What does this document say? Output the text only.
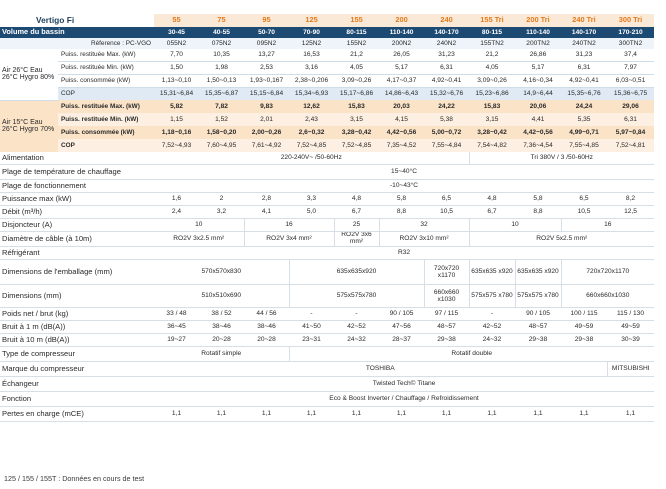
Vertigo Fi		55	75	95	125	155	200	240	155 Tri	200 Tri	240 Tri	300 Tri
Volume du bassin		30-45	40-55	50-70	70-90	80-115	110-140	140-170	80-115	110-140	140-170	170-210
Réference : PC-VGO		055N2	075N2	095N2	125N2	155N2	200N2	240N2	155TN2	200TN2	240TN2	300TN2
Air 26°C Eau 26°C Hygro 80%	Puiss. restituée Max. (kW)	7,70	10,35	13,27	16,53	21,2	26,05	31,23	21,2	26,86	31,23	37,4
	Puiss. restituée Min. (kW)	1,50	1,98	2,53	3,16	4,05	5,17	6,31	4,05	5,17	6,31	7,97
	Puiss. consommée (kW)	1,13~0,10	1,50~0,13	1,93~0,167	2,38~0,206	3,09~0,26	4,17~0,37	4,92~0,41	3,09~0,26	4,16~0,34	4,92~0,41	6,03~0,51
	COP	15,31~6,84	15,35~6,87	15,15~6,84	15,34~6,93	15,17~6,86	14,86~6,43	15,32~6,76	15,23~6,86	14,9~6,44	15,35~6,76	15,36~6,75
Air 15°C Eau 26°C Hygro 70%	Puiss. restituée Max. (kW)	5,82	7,82	9,83	12,62	15,83	20,03	24,22	15,83	20,06	24,24	29,06
	Puiss. restituée Min. (kW)	1,15	1,52	2,01	2,43	3,15	4,15	5,38	3,15	4,41	5,35	6,31
	Puiss. consommée (kW)	1,18~0,16	1,58~0,20	2,00~0,26	2,6~0,32	3,28~0,42	4,42~0,56	5,00~0,72	3,28~0,42	4,42~0,56	4,99~0,71	5,97~0,84
	COP	7,52~4,93	7,60~4,95	7,61~4,92	7,52~4,85	7,52~4,85	7,35~4,52	7,55~4,84	7,54~4,82	7,36~4,54	7,55~4,85	7,52~4,81
Alimentation		220-240V~ /50-60Hz							Tri 380V / 3 /50-60Hz			
Plage de température de chauffage		15~40°C										
Plage de fonctionnement		-10~43°C										
Puissance max (kW)		1,6	2	2,8	3,3	4,8	5,8	6,5	4,8	5,8	6,5	8,2
Débit (m³/h)		2,4	3,2	4,1	5,0	6,7	8,8	10,5	6,7	8,8	10,5	12,5
Disjoncteur (A)		10		16		25	32		10		16	
Diamètre de câble (à 10m)		RO2V 3x2.5 mm²		RO2V 3x4 mm²		RO2V 3x6 mm²	RO2V 3x10 mm²		RO2V 5x2.5 mm²			
Réfrigérant		R32										
Dimensions de l'emballage (mm)		570x570x830			635x635x920			720x720 x1170	635x635 x920	635x635 x920	720x720x1170	
Dimensions (mm)		510x510x690			575x575x780			660x660 x1030	575x575 x780	575x575 x780	660x660x1030	
Poids net / brut (kg)		33 / 48	38 / 52	44 / 56	-	-	90 / 105	97 / 115	-	90 / 105	100 / 115	115 / 130
Bruit à 1 m (dB(A))		36~45	38~46	38~46	41~50	42~52	47~56	48~57	42~52	48~57	49~59	49~59
Bruit à 10 m (dB(A))		19~27	20~28	20~28	23~31	24~32	28~37	29~38	24~32	29~38	29~38	30~39
Type de compresseur		Rotatif simple			Rotatif double							
Marque du compresseur		TOSHIBA										MITSUBISHI
Échangeur		Twisted Tech© Titane										
Fonction		Eco & Boost Inverter / Chauffage / Refroidissement										
Pertes en charge (mCE)		1,1	1,1	1,1	1,1	1,1	1,1	1,1	1,1	1,1	1,1	1,1
125 / 155 / 155T : Données en cours de test
